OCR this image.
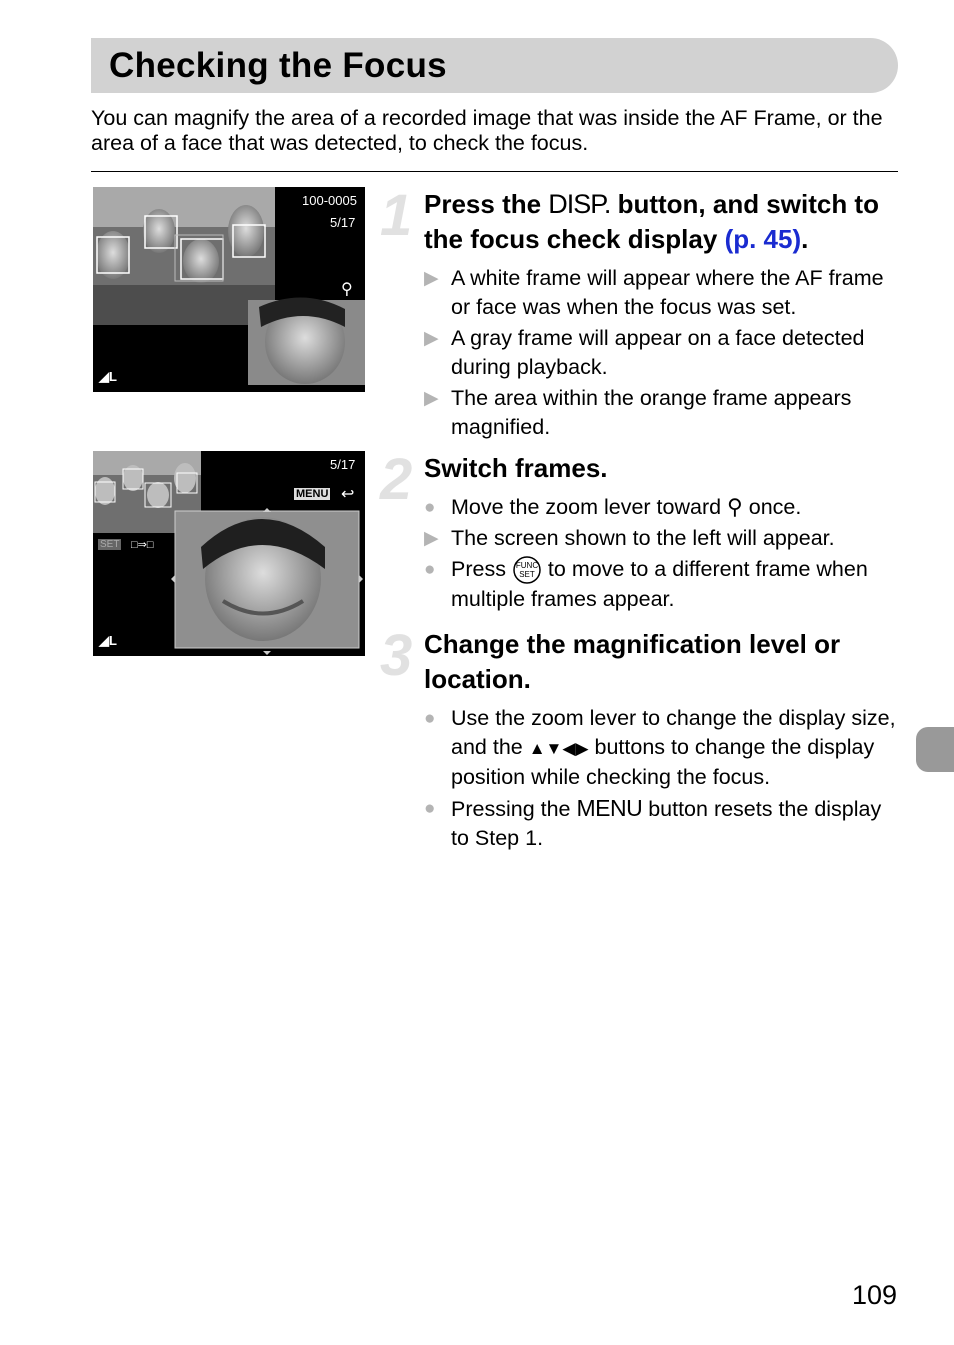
Checking the Focus
You can magnify the area of a recorded image that was inside the AF Frame, or the area of a face that was detected, to check the focus.
100-0005
5/17
⚲
◢L
5/17
MENU ↩
SET □⇒□
◢L
1 Press the DISP. button, and switch to the focus check display (p. 45).
▶ A white frame will appear where the AF frame or face was when the focus was set.
▶ A gray frame will appear on a face detected during playback.
▶ The area within the orange frame appears magnified.
2 Switch frames.
● Move the zoom lever toward ⚲ once.
▶ The screen shown to the left will appear.
● Press FUNC
SET to move to a different frame when multiple frames appear.
3 Change the magnification level or location.
● Use the zoom lever to change the display size, and the ▲▼◀▶ buttons to change the display position while checking the focus.
● Pressing the MENU button resets the display to Step 1.
109
